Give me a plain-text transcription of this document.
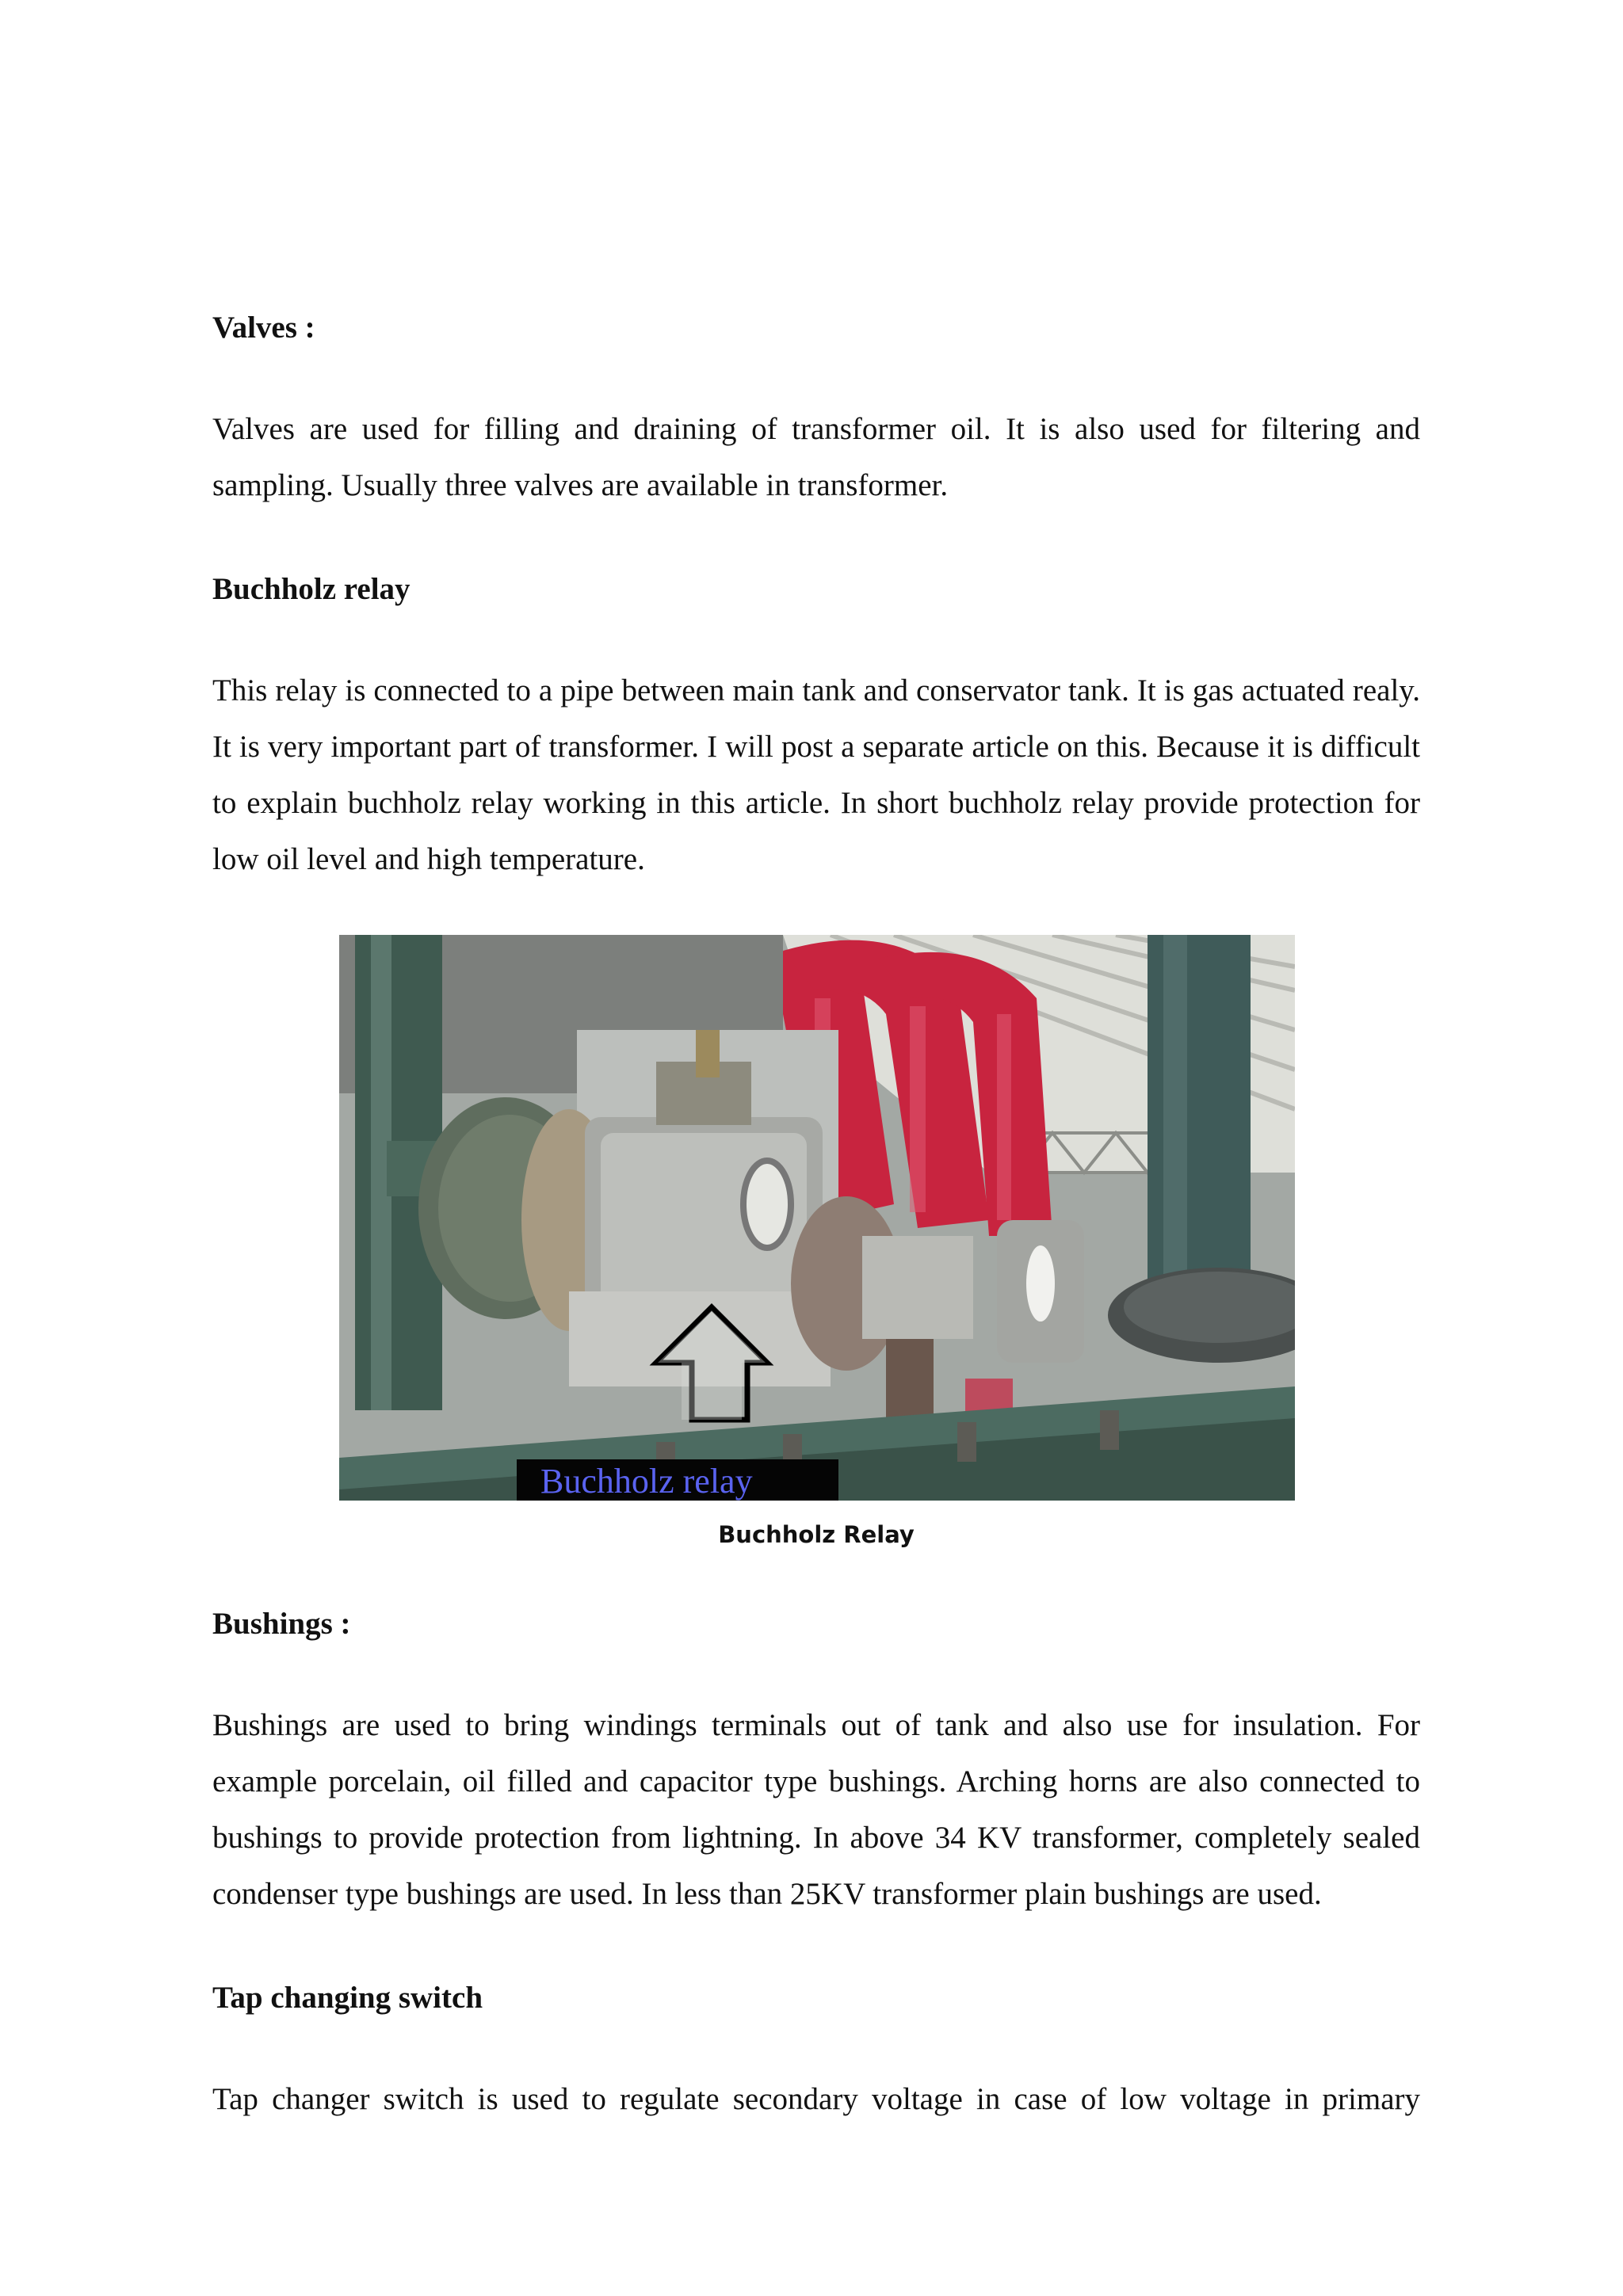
Valves :

Valves are used for filling and draining of transformer oil. It is also used for filtering and sampling. Usually three valves are available in transformer.

Buchholz relay

This relay is connected to a pipe between main tank and conservator tank. It is gas actuated realy. It is very important part of transformer. I will post a separate article on this. Because it is difficult to explain buchholz relay working in this article. In short buchholz relay provide protection for low oil level and high temperature.

Buchholz relay

Buchholz Relay

Bushings :

Bushings are used to bring windings terminals out of tank and also use for insulation. For example porcelain, oil filled and capacitor type bushings. Arching horns are also connected to bushings to provide protection from lightning. In above 34 KV transformer, completely sealed condenser type bushings are used. In less than 25KV transformer plain bushings are used.

Tap changing switch

Tap changer switch is used to regulate secondary voltage in case of low voltage in primary
